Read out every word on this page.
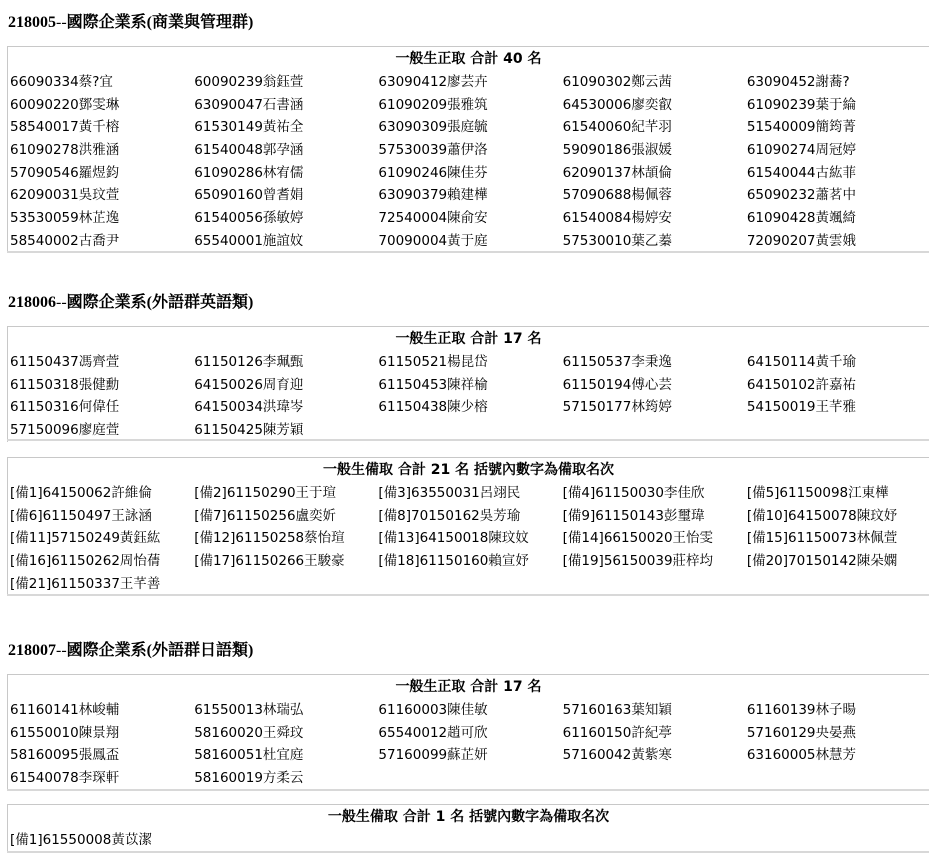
218005--國際企業系(商業與管理群)
一般生正取 合計 40 名
66090334蔡?宜	60090239翁鈺萱	63090412廖芸卉	61090302鄭云茜	63090452謝蕎?
60090220鄧雯琳	63090047石書涵	61090209張雅筑	64530006廖奕叡	61090239葉于綸
58540017黃千榕	61530149黃祐全	63090309張庭毓	61540060紀芊羽	51540009簡筠菁
61090278洪雅涵	61540048郭孕涵	57530039蕭伊洛	59090186張淑媛	61090274周冠婷
57090546羅煜鈞	61090286林宥儒	61090246陳佳芬	62090137林頡倫	61540044古紘菲
62090031吳玟萱	65090160曾耆娟	63090379賴建樺	57090688楊佩蓉	65090232蕭茗中
53530059林芷逸	61540056孫敏婷	72540004陳俞安	61540084楊婷安	61090428黃颯綺
58540002古喬尹	65540001施誼妏	70090004黃于庭	57530010葉乙蓁	72090207黃雲娥
218006--國際企業系(外語群英語類)
一般生正取 合計 17 名
61150437馮齊萱	61150126李珮甄	61150521楊昆岱	61150537李秉逸	64150114黃千瑜
61150318張健勳	64150026周育迎	61150453陳祥榆	61150194傅心芸	64150102許嘉祐
61150316何偉任	64150034洪瑋岑	61150438陳少榕	57150177林筠婷	54150019王芊雅
57150096廖庭萱	61150425陳芳穎
一般生備取 合計 21 名 括號內數字為備取名次
[備1]64150062許維倫	[備2]61150290王于瑄	[備3]63550031呂翊民	[備4]61150030李佳欣	[備5]61150098江東樺
[備6]61150497王詠涵	[備7]61150256盧奕妡	[備8]70150162吳芳瑜	[備9]61150143彭璽瑋	[備10]64150078陳玟妤
[備11]57150249黃鈺紘	[備12]61150258蔡怡瑄	[備13]64150018陳玟妏	[備14]66150020王怡雯	[備15]61150073林佩萱
[備16]61150262周怡蒨	[備17]61150266王駿豪	[備18]61150160賴宣妤	[備19]56150039莊梓均	[備20]70150142陳朵嫻
[備21]61150337王芊善
218007--國際企業系(外語群日語類)
一般生正取 合計 17 名
61160141林峻輔	61550013林瑞弘	61160003陳佳敏	57160163葉知穎	61160139林子暘
61550010陳景翔	58160020王舜玟	65540012趙可欣	61160150許紀葶	57160129央晏燕
58160095張鳳盃	58160051杜宜庭	57160099蘇芷妍	57160042黃紫寒	63160005林慧芳
61540078李琛軒	58160019方柔云
一般生備取 合計 1 名 括號內數字為備取名次
[備1]61550008黃苡潔
